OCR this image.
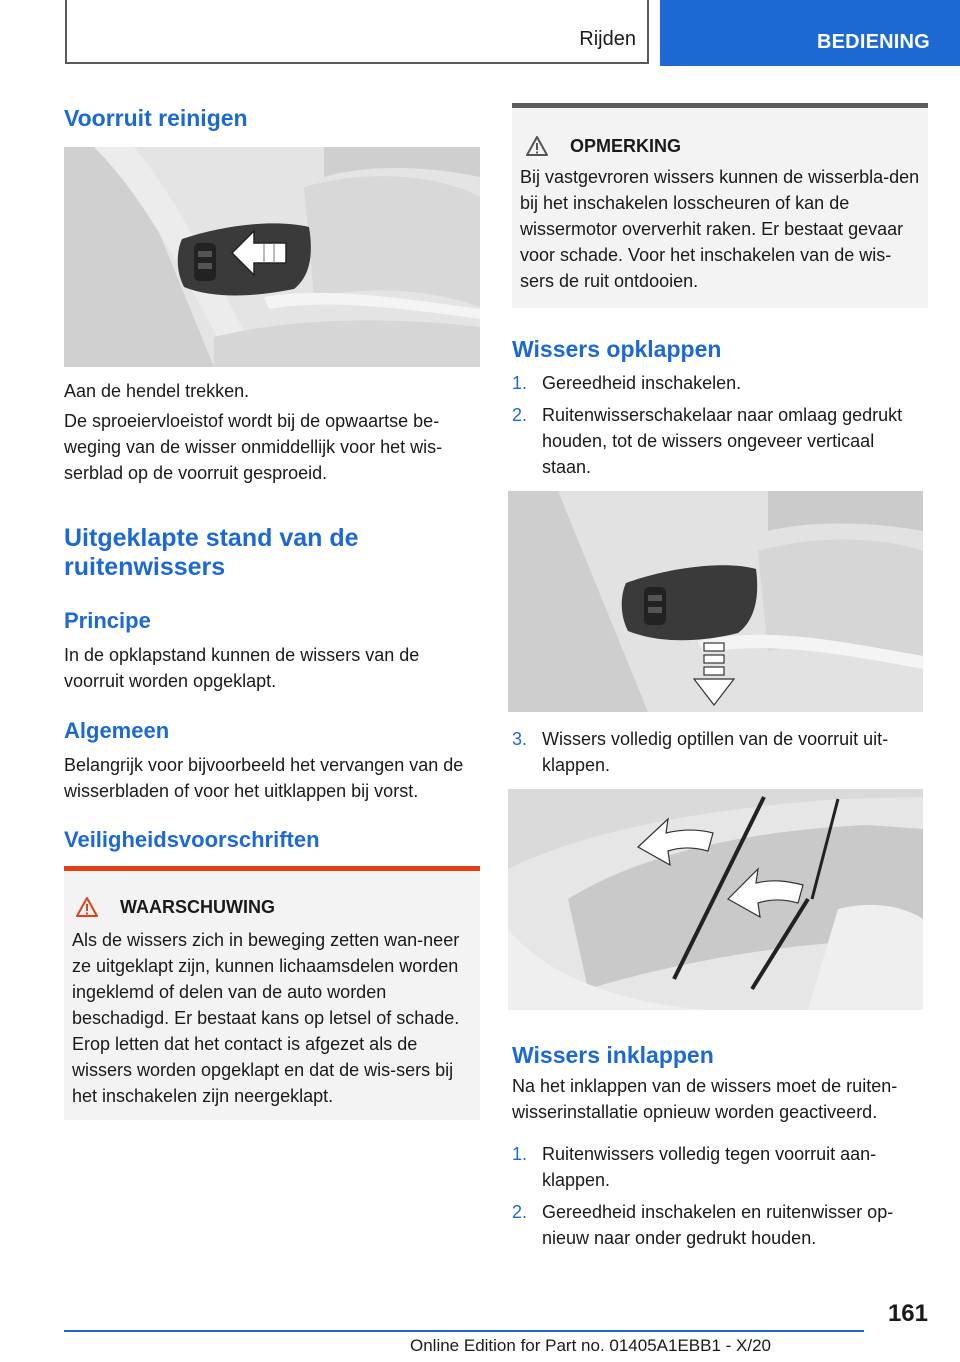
Rijden	BEDIENING
Voorruit reinigen

Aan de hendel trekken.

De sproeiervloeistof wordt bij de opwaartse be-weging van de wisser onmiddellijk voor het wis-serblad op de voorruit gesproeid.

Uitgeklapte stand van de ruitenwissers
Principe

In de opklapstand kunnen de wissers van de voorruit worden opgeklapt.

Algemeen

Belangrijk voor bijvoorbeeld het vervangen van de wisserbladen of voor het uitklappen bij vorst.

Veiligheidsvoorschriften
WAARSCHUWING

Als de wissers zich in beweging zetten wan-neer ze uitgeklapt zijn, kunnen lichaamsdelen worden ingeklemd of delen van de auto worden beschadigd. Er bestaat kans op letsel of schade. Erop letten dat het contact is afgezet als de wissers worden opgeklapt en dat de wis-sers bij het inschakelen zijn neergeklapt.

OPMERKING

Bij vastgevroren wissers kunnen de wisserbla-den bij het inschakelen losscheuren of kan de wissermotor oververhit raken. Er bestaat gevaar voor schade. Voor het inschakelen van de wis-sers de ruit ontdooien.

Wissers opklappen
1. Gereedheid inschakelen.
2. Ruitenwisserschakelaar naar omlaag gedrukt houden, tot de wissers ongeveer verticaal staan.
3. Wissers volledig optillen van de voorruit uit-klappen.
Wissers inklappen

Na het inklappen van de wissers moet de ruiten-wisserinstallatie opnieuw worden geactiveerd.

1. Ruitenwissers volledig tegen voorruit aan-klappen.
2. Gereedheid inschakelen en ruitenwisser op-nieuw naar onder gedrukt houden.
161
Online Edition for Part no. 01405A1EBB1 - X/20
